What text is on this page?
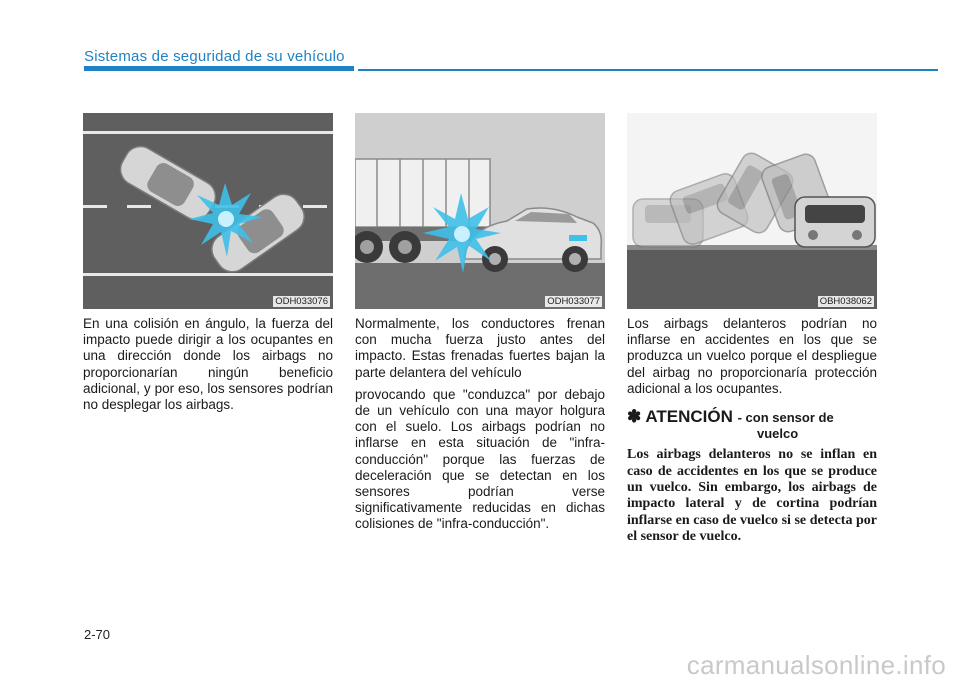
Sistemas de seguridad de su vehículo
ODH033076	ODH033077	OBH038062

En una colisión en ángulo, la fuerza del impacto puede dirigir a los ocupantes en una dirección donde los airbags no proporcionarían ningún beneficio adicional, y por eso, los sensores podrían no desplegar los airbags.

Normalmente, los conductores frenan con mucha fuerza justo antes del impacto. Estas frenadas fuertes bajan la parte delantera del vehículo

provocando que "conduzca" por debajo de un vehículo con una mayor holgura con el suelo. Los airbags podrían no inflarse en esta situación de "infra-conducción" porque las fuerzas de deceleración que se detectan en los sensores podrían verse significativamente reducidas en dichas colisiones de "infra-conducción".

Los airbags delanteros podrían no inflarse en accidentes en los que se produzca un vuelco porque el despliegue del airbag no proporcionaría protección adicional a los ocupantes.

✽ ATENCIÓN - con sensor de
vuelco
Los airbags delanteros no se inflan en caso de accidentes en los que se produce un vuelco. Sin embargo, los airbags de impacto lateral y de cortina podrían inflarse en caso de vuelco si se detecta por el sensor de vuelco.
2-70
carmanualsonline.info
